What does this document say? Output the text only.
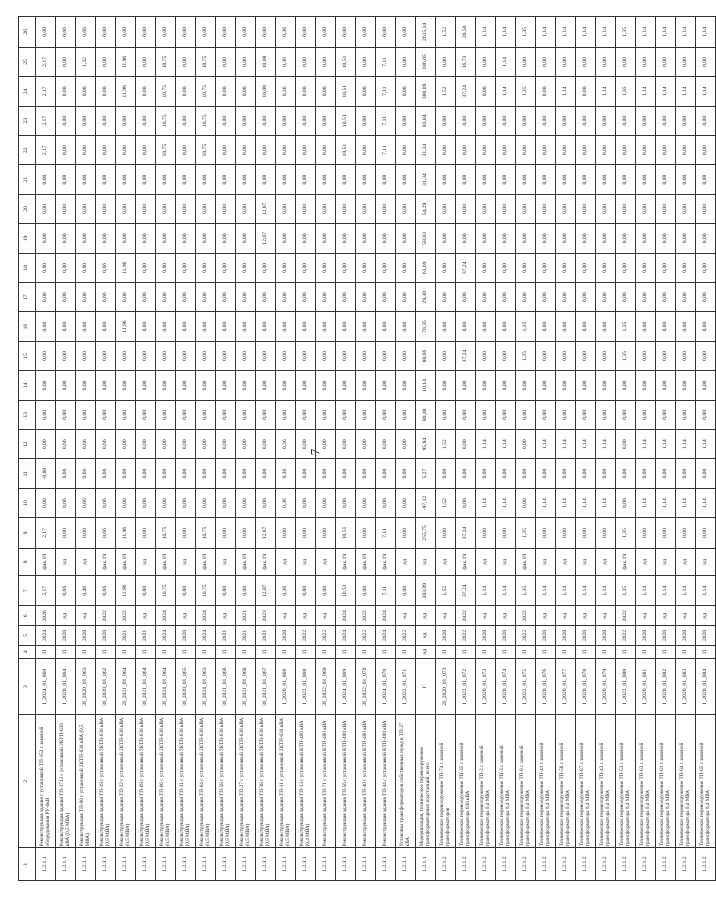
7
1	2	3	4	5	6	7	8	9	10	11	12	13	14	15	16	17	18	19	20	21	22	23	24	25	26
1.2.1.1	Реконструкция здания с установкой ТП-152 с заменой оборудования РУ-6кВ	I_2024_01_060	П	2024	2026	2,17	фак.19	2,17	0,00	-0,00	0,00	0,00	0,00	0,00	0,00	0,00	0,00	0,00	0,00	0,00	2,17	2,17	2,17	2,17	0,00
1.2.1.1	Реконструкция здания ТП-1713 с установкой 2КТП-630 кВА (0,5 МВА)	I_2020_01_064	П	2020	нд	0,66	нд	0,00	0,66	0,66	0,66	0,00	0,00	0,00	0,00	0,00	0,00	0,00	0,00	0,00	0,00	0,00	0,00	0,00	0,66
1.2.3.1	Реконструкция ТП-90 с установкой 2КТП-630 кВА (0,5 МВА)	3I_2020_01_063	П	2020	нд	0,46	нд	0,00	0,66	0,66	0,66	0,00	0,00	0,00	0,00	0,00	0,00	0,00	0,00	0,00	0,00	0,00	0,00	1,32	0,66
1.2.3.1	Реконструкция здания ТП-19 с установкой 2КТП-630 кВА (0,5 МВА)	3I_2020_01_062	П	2020	2022	0,66	фак.19	0,66	0,66	0,66	0,66	0,00	0,00	0,00	0,00	0,66	0,66	0,00	0,00	0,00	0,00	0,00	0,00	0,00	0,00
1.2.3.1	Реконструкция здания ТП-22 с установкой 2КТП-630 кВА (0,5 МВА)	2I_2021_01_064	П	2021	2022	11,96	фак.19	11,96	0,00	0,00	0,00	0,00	0,00	0,00	11,96	0,00	11,96	0,00	0,00	0,00	0,00	0,00	11,96	11,96	0,00
1.2.3.1	Реконструкция здания ТП-69 с установкой 2КТП-630 кВА (0,5 МВА)	3I_2021_01_064	П	2021	нд	0,00	нд	0,00	0,00	0,00	0,00	0,00	0,00	0,00	0,00	0,00	0,00	0,00	0,00	0,00	0,00	0,00	0,00	0,00	0,00
1.2.3.1	Реконструкция здания ТП-66 с установкой 2КТП-630 кВА (0,5 МВА)	3I_2024_01_064	П	2024	2024	10,75	фак.19	10,75	0,00	0,00	0,00	0,00	0,00	0,00	0,00	0,00	0,00	0,00	0,00	0,00	10,75	10,75	10,75	10,75	0,00
1.2.3.1	Реконструкция здания ТП-31 с установкой 2КТП-630 кВА (0,5 МВА)	3I_2020_01_065	П	2020	нд	0,00	нд	0,00	0,00	0,00	0,00	0,00	0,00	0,00	0,00	0,00	0,00	0,00	0,00	0,00	0,00	0,00	0,00	0,00	0,00
1.2.3.1	Реконструкция здания ТП-64 с установкой 2КТП-630 кВА (0,5 МВА)	3I_2024_01_063	П	2024	2024	10,75	фак.19	10,75	0,00	0,00	0,00	0,00	0,00	0,00	0,00	0,00	0,00	0,00	0,00	0,00	10,75	10,75	10,75	10,75	0,00
1.2.3.1	Реконструкция здания ТП-58 с установкой 2КТП-630 кВА (0,5 МВА)	3I_2021_01_066	П	2021	нд	0,00	нд	0,00	0,00	0,00	0,00	0,00	0,00	0,00	0,00	0,00	0,00	0,00	0,00	0,00	0,00	0,00	0,00	0,00	0,00
1.2.3.1	Реконструкция здания ТП-27 с установкой 2КТП-630 кВА (0,5 МВА)	3I_2021_01_066	П	2021	2021	0,00	фак.19	0,00	0,00	0,00	0,00	0,00	0,00	0,00	0,00	0,00	0,00	0,00	0,00	0,00	0,00	0,00	0,00	0,00	0,00
1.2.3.1	Реконструкция здания ТП-38 с установкой 2КТП-630 кВА (0,5 МВА)	3I_2021_01_067	П	2021	2023	12,87	фак.19	12,87	0,00	0,00	0,00	0,00	0,00	0,00	0,00	0,00	0,00	12,87	12,87	0,00	0,00	0,00	10,08	10,08	0,00
1.2.3.1	Реконструкция здания ТП-11 с установкой 2КТП-630 кВА (0,5 МВА)	I_2020_01_068	П	2020	нд	0,36	нд	0,00	0,36	0,36	0,36	0,00	0,00	0,00	0,00	0,00	0,00	0,00	0,00	0,00	0,00	0,00	0,36	0,36	0,36
1.2.3.1	Реконструкция здания ТП-13 с установкой КТП-400 кВА (0,4 МВА)	I_2022_01_068	П	2022	нд	0,00	нд	0,00	0,00	0,00	0,00	0,00	0,00	0,00	0,00	0,00	0,00	0,00	0,00	0,00	0,00	0,00	0,00	0,00	0,00
1.2.3.1	Реконструкция здания ТП-71 с установкой КТП-400 кВА	3I_2022_01_069	П	2022	нд	0,00	нд	0,00	0,00	0,00	0,00	0,00	0,00	0,00	0,00	0,00	0,00	0,00	0,00	0,00	0,00	0,00	0,00	0,00	0,00
1.2.3.1	Реконструкция здания ТП-56 с установкой КТП-400 кВА	I_2024_01_069	П	2024	2024	10,51	фак.19	10,51	0,00	0,00	0,00	0,00	0,00	0,00	0,00	0,00	0,00	0,00	0,00	0,00	10,51	10,51	10,51	10,51	0,00
1.2.3.1	Реконструкция здания ТП-40 с установкой КТП-400 кВА	3I_2022_01_070	П	2022	2022	0,00	фак.19	0,00	0,00	0,00	0,00	0,00	0,00	0,00	0,00	0,00	0,00	0,00	0,00	0,00	0,00	0,00	0,00	0,00	0,00
1.2.3.1	Реконструкция здания ТП-44 с установкой КТП-400 кВА	I_2024_01_070	П	2024	2024	7,11	фак.19	7,11	0,00	0,00	0,00	0,00	0,00	0,00	0,00	0,00	0,00	0,00	0,00	0,00	7,11	7,11	7,11	7,11	0,00
1.2.3.1	Установка трансформаторов собственных нужд в ТП-27 кВА	I_2022_01_071	П	2022	нд	0,00	нд	0,00	0,00	0,00	0,00	0,00	0,00	0,00	0,00	0,00	0,00	0,00	0,00	0,00	0,00	0,00	0,00	0,00	0,00
1.2.1.1	Модернизация, техническое перевооружение трансформаторных подстанций, всего	Г	нд	нд	нд	383,09	нд	255,75	-97,12	5,27	95,84	80,48	10,14	80,66	70,35	29,30	63,69	58,83	54,29	31,34	31,34	83,84	380,09	186,05	2615,14
1.2.1.2	Техническое перевооружение ТП-74 с заменой трансформаторов	2I_2020_01_073	П	2020	нд	1,52	нд	0,00	1,52	0,00	1,52	0,00	0,00	0,00	0,00	0,00	0,00	0,00	0,00	0,00	0,00	0,00	1,52	0,00	1,52
1.2.1.2	Техническое перевооружение ТП-35 с заменой трансформатора 630 кВА	I_2022_01_072	П	2022	2022	37,24	фак.19	37,24	0,00	0,00	0,00	0,00	0,00	37,24	0,00	0,00	37,24	0,00	0,00	0,00	0,00	0,00	37,24	16,73	20,50
1.2.1.2	Техническое перевооружение ТП-2 с заменой трансформатора 0,4 МВА	I_2020_01_073	П	2020	нд	1,14	нд	0,00	1,14	0,00	1,14	0,00	0,00	0,00	0,00	0,00	0,00	0,00	0,00	0,00	0,00	0,00	0,00	0,00	1,14
1.2.1.2	Техническое перевооружение ТП-3 с заменой трансформатора 0,4 МВА	I_2020_01_074	П	2020	нд	1,14	нд	0,00	1,14	0,00	1,14	0,00	0,00	0,00	0,00	0,00	0,00	0,00	0,00	0,00	0,00	0,00	1,14	1,14	1,14
1.2.1.2	Техническое перевооружение ТП-8 с заменой трансформатора 0,4 МВА	I_2022_01_075	П	2022	2022	1,35	фак.19	1,35	0,00	0,00	0,00	0,00	0,00	1,35	1,35	0,00	0,00	0,00	0,00	0,00	0,00	0,00	1,35	0,00	1,35
1.2.1.2	Техническое перевооружение ТП-41 с заменой трансформатора 0,4 МВА	I_2020_01_076	П	2020	нд	1,14	нд	0,00	1,14	0,00	1,14	0,00	0,00	0,00	0,00	0,00	0,00	0,00	0,00	0,00	0,00	0,00	0,00	0,00	1,14
1.2.1.2	Техническое перевооружение ТП-58 с заменой трансформатора 0,4 МВА	I_2020_01_077	П	2020	нд	1,14	нд	0,00	1,14	0,00	1,14	0,00	0,00	0,00	0,00	0,00	0,00	0,00	0,00	0,00	0,00	0,00	1,14	0,00	1,14
1.2.1.2	Техническое перевооружение ТП-87 с заменой трансформатора 0,4 МВА	I_2020_01_078	П	2020	нд	1,14	нд	0,00	1,14	0,00	1,14	0,00	0,00	0,00	0,00	0,00	0,00	0,00	0,00	0,00	0,00	0,00	0,00	0,00	1,14
1.2.1.2	Техническое перевооружение ТП-43 с заменой трансформатора 0,4 МВА	I_2020_01_079	П	2020	нд	1,14	нд	0,00	1,14	0,00	1,14	0,00	0,00	0,00	0,00	0,00	0,00	0,00	0,00	0,00	0,00	0,00	1,14	0,00	1,14
1.2.1.2	Техническое перевооружение ТП-53 с заменой трансформатора 0,4 МВА	I_2022_01_080	П	2022	2022	1,35	фак.19	1,35	0,00	0,00	0,00	0,00	0,00	1,35	1,35	0,00	0,00	0,00	0,00	0,00	0,00	0,00	1,35	0,00	1,35
1.2.1.2	Техническое перевооружение ТП-63 с заменой трансформатора 0,4 МВА	I_2020_01_081	П	2020	нд	1,14	нд	0,00	1,14	0,00	1,14	0,00	0,00	0,00	0,00	0,00	0,00	0,00	0,00	0,00	0,00	0,00	1,14	0,00	1,14
1.2.1.2	Техническое перевооружение ТП-61 с заменой трансформатора 0,4 МВА	I_2020_01_082	П	2020	нд	1,14	нд	0,00	1,14	0,00	1,14	0,00	0,00	0,00	0,00	0,00	0,00	0,00	0,00	0,00	0,00	0,00	1,14	0,00	1,14
1.2.1.2	Техническое перевооружение ТП-64 с заменой трансформатора 0,4 МВА	I_2020_01_083	П	2020	нд	1,14	нд	0,00	1,14	0,00	1,14	0,00	0,00	0,00	0,00	0,00	0,00	0,00	0,00	0,00	0,00	0,00	1,14	0,00	1,14
1.2.1.2	Техническое перевооружение ТП-65 с заменой трансформатора 0,4 МВА	I_2020_01_084	П	2020	нд	1,14	нд	0,00	1,14	0,00	1,14	0,00	0,00	0,00	0,00	0,00	0,00	0,00	0,00	0,00	0,00	0,00	1,14	0,00	1,14
